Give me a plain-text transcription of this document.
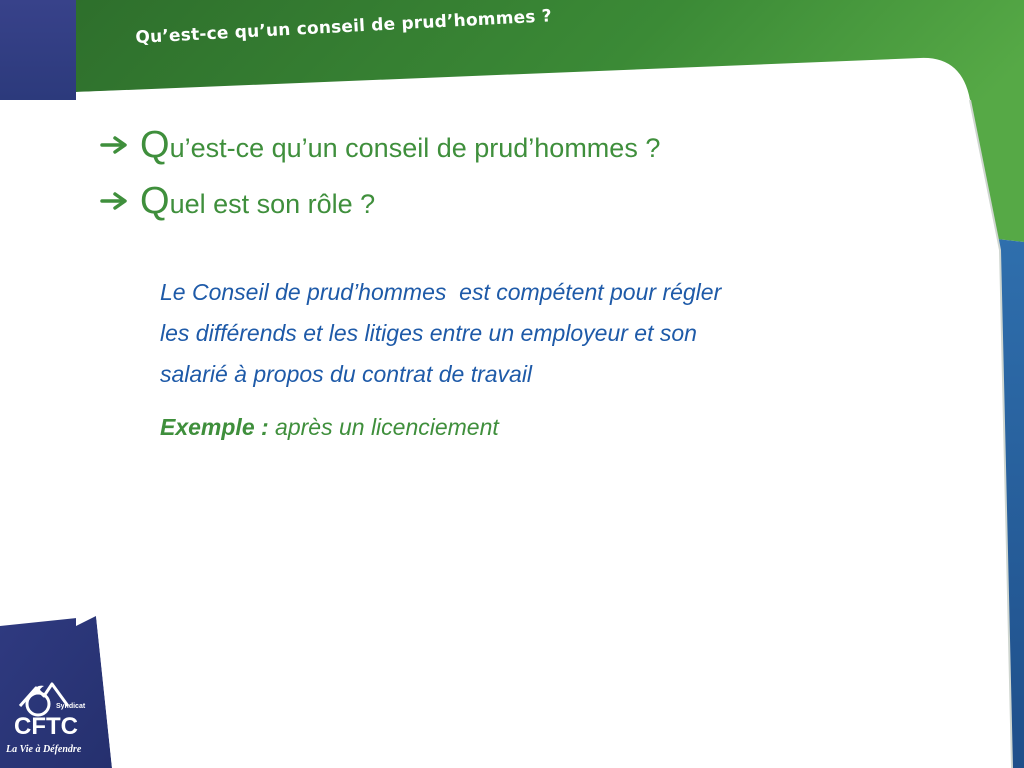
Qu’est-ce qu’un conseil de prud’hommes ?
Q u’est-ce qu’un conseil de prud’hommes ?
Q uel est son rôle ?
Le Conseil de prud’hommes  est compétent pour régler
les différends et les litiges entre un employeur et son
salarié à propos du contrat de travail
Exemple : après un licenciement
Syndicat
CFTC
La Vie à Défendre
